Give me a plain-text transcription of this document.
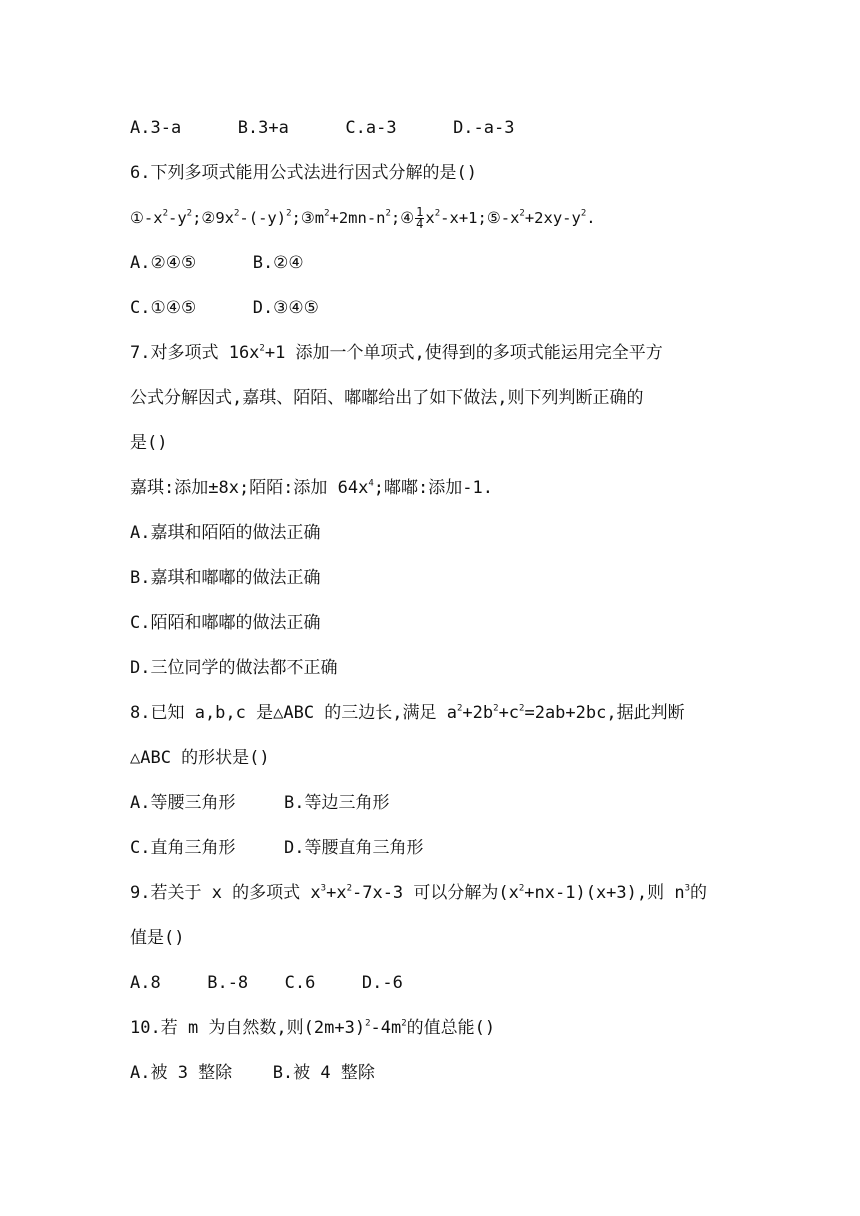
A.3-a	B.3+a	C.a-3	D.-a-3
6.下列多项式能用公式法进行因式分解的是()
$①-x^2-y^2;②9x^2-(-y)^2;③m^2+2mn-n^2;④ \frac{1}{4}$ $x^2-x+1;⑤-x^2+2xy-y^2$.
A.②④⑤	B.②④
C.①④⑤	D.③④⑤
7.对多项式 $16x^2+1$ 添加一个单项式,使得到的多项式能运用完全平方
公式分解因式,嘉琪、陌陌、嘟嘟给出了如下做法,则下列判断正确的
是()
嘉琪:添加±8x;陌陌:添加 $64x^4$;嘟嘟:添加-1.
A.嘉琪和陌陌的做法正确
B.嘉琪和嘟嘟的做法正确
C.陌陌和嘟嘟的做法正确
D.三位同学的做法都不正确
8.已知 a,b,c 是△ABC 的三边长,满足 $a^2+2b^2+c^2=2ab+2bc$,据此判断
△ABC 的形状是()
A.等腰三角形	B.等边三角形
C.直角三角形	D.等腰直角三角形
9.若关于 x 的多项式 $x^3+x^2-7x-3$ 可以分解为$(x^2+nx-1)(x+3)$,则 $n^3$的
值是()
A.8	B.-8 C.6	D.-6
10.若 m 为自然数,则$(2m+3)^2-4m^2$的值总能()
A.被 3 整除 B.被 4 整除
